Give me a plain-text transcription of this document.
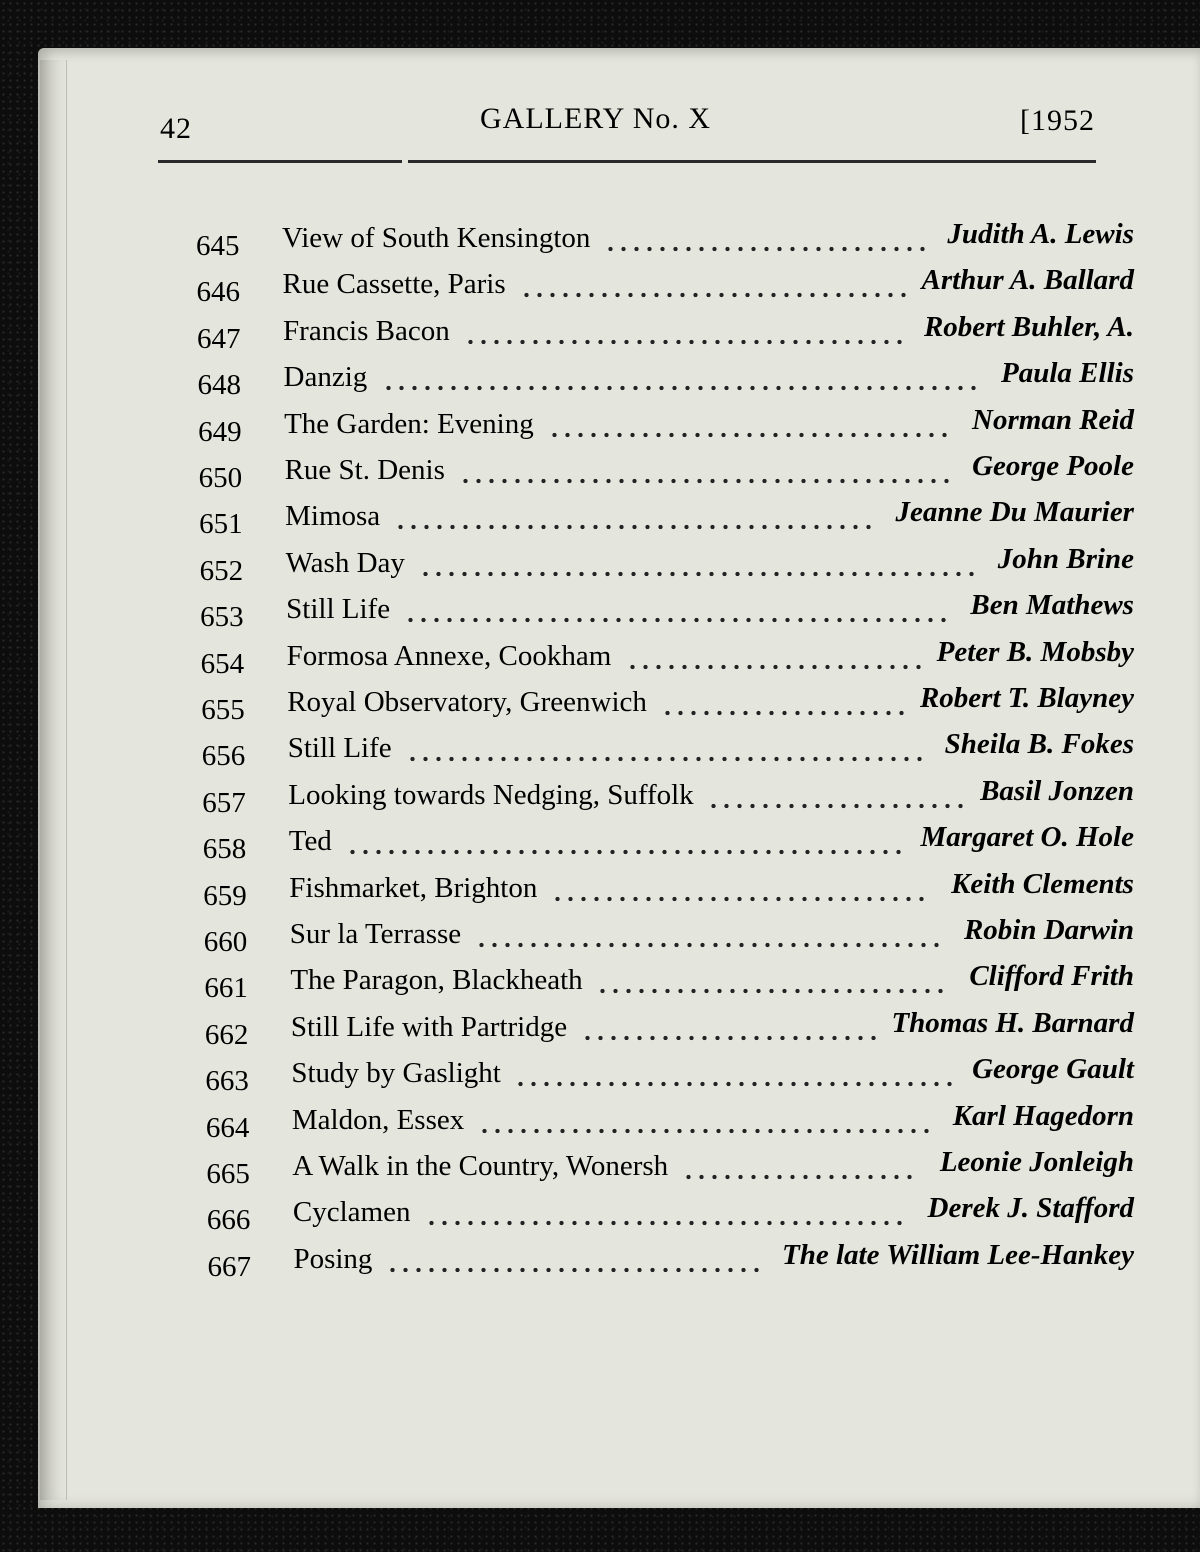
42	GALLERY No. X	[1952
645 View of South Kensington	Judith A. Lewis
646 Rue Cassette, Paris	Arthur A. Ballard
647 Francis Bacon	Robert Buhler, A.
648 Danzig	Paula Ellis
649 The Garden: Evening	Norman Reid
650 Rue St. Denis	George Poole
651 Mimosa	Jeanne Du Maurier
652 Wash Day	John Brine
653 Still Life	Ben Mathews
654 Formosa Annexe, Cookham	Peter B. Mobsby
655 Royal Observatory, Greenwich	Robert T. Blayney
656 Still Life	Sheila B. Fokes
657 Looking towards Nedging, Suffolk	Basil Jonzen
658 Ted	Margaret O. Hole
659 Fishmarket, Brighton	Keith Clements
660 Sur la Terrasse	Robin Darwin
661 The Paragon, Blackheath	Clifford Frith
662 Still Life with Partridge	Thomas H. Barnard
663 Study by Gaslight	George Gault
664 Maldon, Essex	Karl Hagedorn
665 A Walk in the Country, Wonersh	Leonie Jonleigh
666 Cyclamen	Derek J. Stafford
667 Posing	The late William Lee-Hankey
